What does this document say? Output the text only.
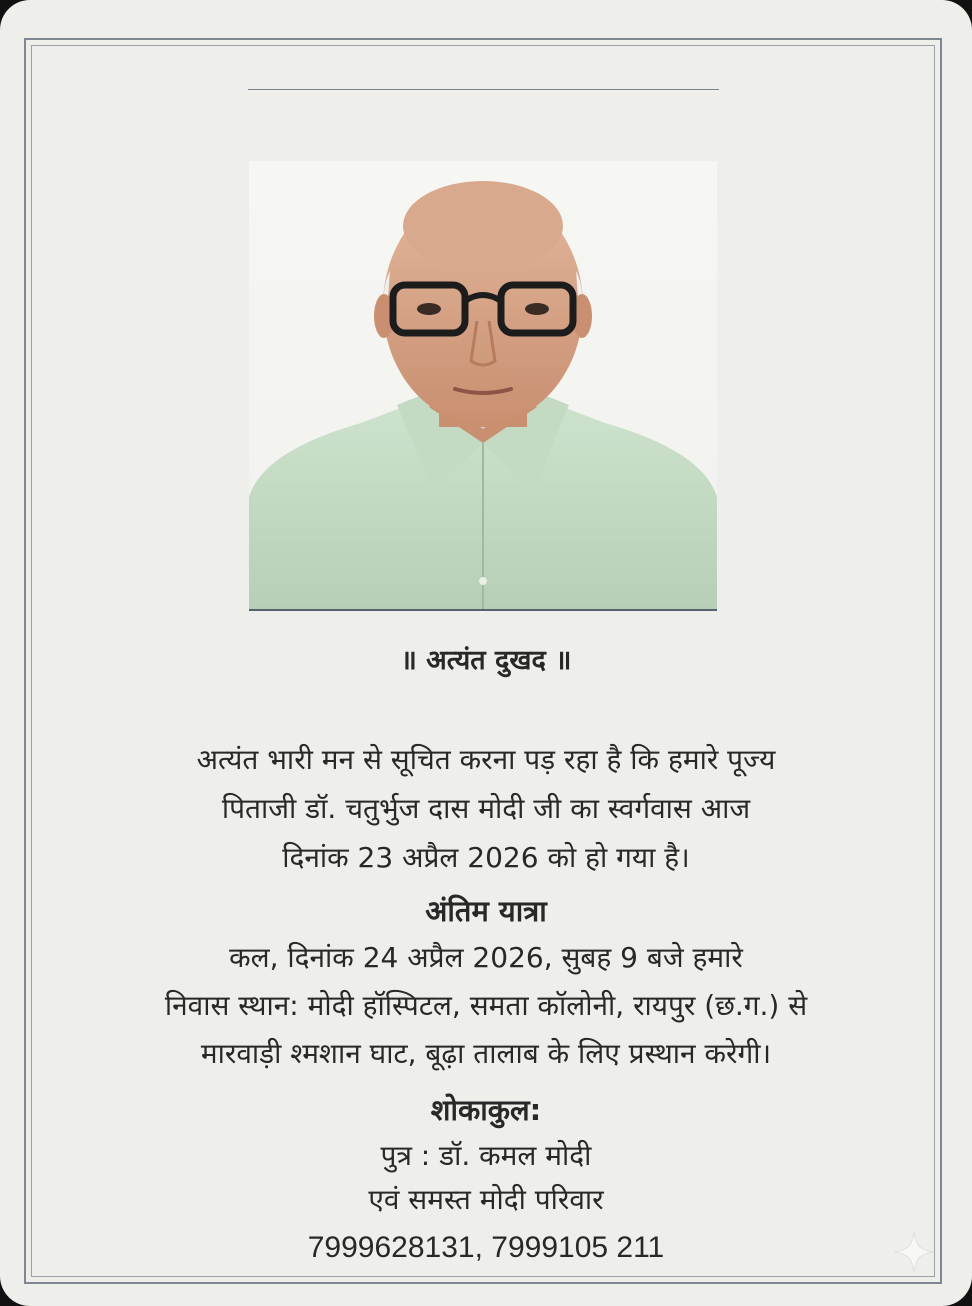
॥ अत्यंत दुखद ॥
अत्यंत भारी मन से सूचित करना पड़ रहा है कि हमारे पूज्य
पिताजी डॉ. चतुर्भुज दास मोदी जी का स्वर्गवास आज
दिनांक 23 अप्रैल 2026 को हो गया है।
अंतिम यात्रा
कल, दिनांक 24 अप्रैल 2026, सुबह 9 बजे हमारे
निवास स्थान: मोदी हॉस्पिटल, समता कॉलोनी, रायपुर (छ.ग.) से
मारवाड़ी श्मशान घाट, बूढ़ा तालाब के लिए प्रस्थान करेगी।
शोकाकुल:
पुत्र : डॉ. कमल मोदी
एवं समस्त मोदी परिवार
7999628131, 7999105 211
